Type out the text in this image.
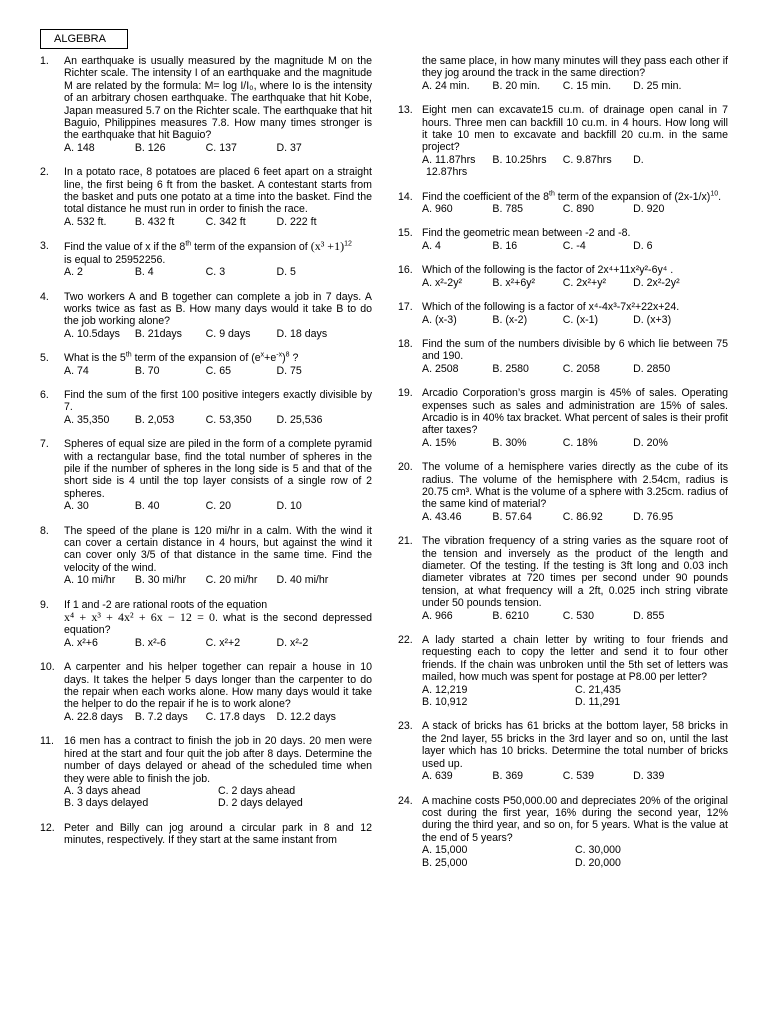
ALGEBRA
1. An earthquake is usually measured by the magnitude M on the Richter scale. The intensity I of an earthquake and the magnitude M are related by the formula: M= log I/I₀, where Io is the intensity of an arbitrary chosen earthquake. The earthquake that hit Kobe, Japan measured 5.7 on the Richter scale. The earthquake that hit Baguio, Philippines measures 7.8. How many times stronger is the earthquake that hit Baguio?
A. 148	B. 126	C. 137	D. 37
2. In a potato race, 8 potatoes are placed 6 feet apart on a straight line, the first being 6 ft from the basket. A contestant starts from the basket and puts one potato at a time into the basket. Find the total distance he must run in order to finish the race.
A. 532 ft.	B. 432 ft	C. 342 ft	D. 222 ft
3. Find the value of x if the 8th term of the expansion of $(x^3 +1)^{12}$
is equal to 25952256.
A. 2	B. 4	C. 3	D. 5
4. Two workers A and B together can complete a job in 7 days. A works twice as fast as B. How many days would it take B to do the job working alone?
A. 10.5days	B. 21days	C. 9 days	D. 18 days
5. What is the 5th term of the expansion of $(e^x+e^{-x})^8$ ?
A. 74	B. 70	C. 65	D. 75
6. Find the sum of the first 100 positive integers exactly divisible by 7.
A. 35,350	B. 2,053	C. 53,350	D. 25,536
7. Spheres of equal size are piled in the form of a complete pyramid with a rectangular base, find the total number of spheres in the pile if the number of spheres in the long side is 5 and that of the short side is 4 until the top layer consists of a single row of 2 spheres.
A. 30	B. 40	C. 20	D. 10
8. The speed of the plane is 120 mi/hr in a calm. With the wind it can cover a certain distance in 4 hours, but against the wind it can cover only 3/5 of that distance in the same time. Find the velocity of the wind.
A. 10 mi/hr	B. 30 mi/hr	C. 20 mi/hr	D. 40 mi/hr
9. If 1 and -2 are rational roots of the equation
x⁴ + x³ + 4x² + 6x − 12 = 0. what is the second depressed equation?
A. x²+6	B. x²-6	C. x²+2	D. x²-2
10. A carpenter and his helper together can repair a house in 10 days. It takes the helper 5 days longer than the carpenter to do the repair when each works alone. How many days would it take the helper to do the repair if he is to work alone?
A. 22.8 days	B. 7.2 days	C. 17.8 days	D. 12.2 days
11. 16 men has a contract to finish the job in 20 days. 20 men were hired at the start and four quit the job after 8 days. Determine the number of days delayed or ahead of the scheduled time when they were able to finish the job.
A. 3 days ahead	C. 2 days ahead
B. 3 days delayed	D. 2 days delayed
12. Peter and Billy can jog around a circular park in 8 and 12 minutes, respectively. If they start at the same instant from
the same place, in how many minutes will they pass each other if they jog around the track in the same direction?
A. 24 min.	B. 20 min.	C. 15 min.	D. 25 min.
13. Eight men can excavate15 cu.m. of drainage open canal in 7 hours. Three men can backfill 10 cu.m. in 4 hours. How long will it take 10 men to excavate and backfill 20 cu.m. in the same project?
A. 11.87hrs	B. 10.25hrs	C. 9.87hrs	D.
12.87hrs
14. Find the coefficient of the 8th term of the expansion of $(2x-1/x)^{10}$.
A. 960	B. 785	C. 890	D. 920
15. Find the geometric mean between -2 and -8.
A. 4	B. 16	C. -4	D. 6
16. Which of the following is the factor of 2x⁴+11x²y²-6y⁴ .
A. x²-2y²	B. x²+6y²	C. 2x²+y²	D. 2x²-2y²
17. Which of the following is a factor of x⁴-4x³-7x²+22x+24.
A. (x-3)	B. (x-2)	C. (x-1)	D. (x+3)
18. Find the sum of the numbers divisible by 6 which lie between 75 and 190.
A. 2508	B. 2580	C. 2058	D. 2850
19. Arcadio Corporation’s gross margin is 45% of sales. Operating expenses such as sales and administration are 15% of sales. Arcadio is in 40% tax bracket. What percent of sales is their profit after taxes?
A. 15%	B. 30%	C. 18%	D. 20%
20. The volume of a hemisphere varies directly as the cube of its radius. The volume of the hemisphere with 2.54cm, radius is 20.75 cm³. What is the volume of a sphere with 3.25cm. radius of the same kind of material?
A. 43.46	B. 57.64	C. 86.92	D. 76.95
21. The vibration frequency of a string varies as the square root of the tension and inversely as the product of the length and diameter. Of the testing. If the testing is 3ft long and 0.03 inch diameter vibrates at 720 times per second under 90 pounds tension, at what frequency will a 2ft, 0.025 inch string vibrate under 50 pounds tension.
A. 966	B. 6210	C. 530	D. 855
22. A lady started a chain letter by writing to four friends and requesting each to copy the letter and send it to four other friends. If the chain was unbroken until the 5th set of letters was mailed, how much was spent for postage at P8.00 per letter?
A. 12,219	C. 21,435
B. 10,912	D. 11,291
23. A stack of bricks has 61 bricks at the bottom layer, 58 bricks in the 2nd layer, 55 bricks in the 3rd layer and so on, until the last layer which has 10 bricks. Determine the total number of bricks used up.
A. 639	B. 369	C. 539	D. 339
24. A machine costs P50,000.00 and depreciates 20% of the original cost during the first year, 16% during the second year, 12% during the third year, and so on, for 5 years. What is the value at the end of 5 years?
A. 15,000	C. 30,000
B. 25,000	D. 20,000
